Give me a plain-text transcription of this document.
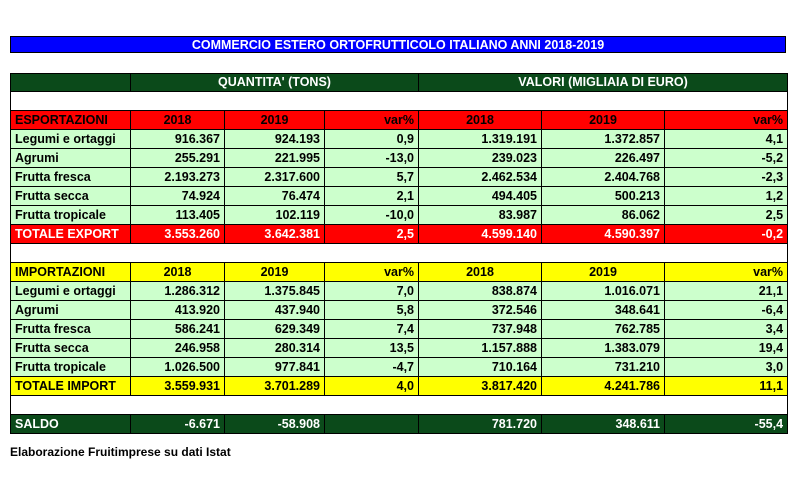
COMMERCIO ESTERO ORTOFRUTTICOLO ITALIANO ANNI 2018-2019
	QUANTITA' (TONS)			VALORI (MIGLIAIA DI EURO)		

ESPORTAZIONI	2018	2019	var%	2018	2019	var%
Legumi e ortaggi	916.367	924.193	0,9	1.319.191	1.372.857	4,1
Agrumi	255.291	221.995	-13,0	239.023	226.497	-5,2
Frutta fresca	2.193.273	2.317.600	5,7	2.462.534	2.404.768	-2,3
Frutta secca	74.924	76.474	2,1	494.405	500.213	1,2
Frutta tropicale	113.405	102.119	-10,0	83.987	86.062	2,5
TOTALE EXPORT	3.553.260	3.642.381	2,5	4.599.140	4.590.397	-0,2

IMPORTAZIONI	2018	2019	var%	2018	2019	var%
Legumi e ortaggi	1.286.312	1.375.845	7,0	838.874	1.016.071	21,1
Agrumi	413.920	437.940	5,8	372.546	348.641	-6,4
Frutta fresca	586.241	629.349	7,4	737.948	762.785	3,4
Frutta secca	246.958	280.314	13,5	1.157.888	1.383.079	19,4
Frutta tropicale	1.026.500	977.841	-4,7	710.164	731.210	3,0
TOTALE IMPORT	3.559.931	3.701.289	4,0	3.817.420	4.241.786	11,1

SALDO	-6.671	-58.908		781.720	348.611	-55,4
Elaborazione Fruitimprese su dati Istat
